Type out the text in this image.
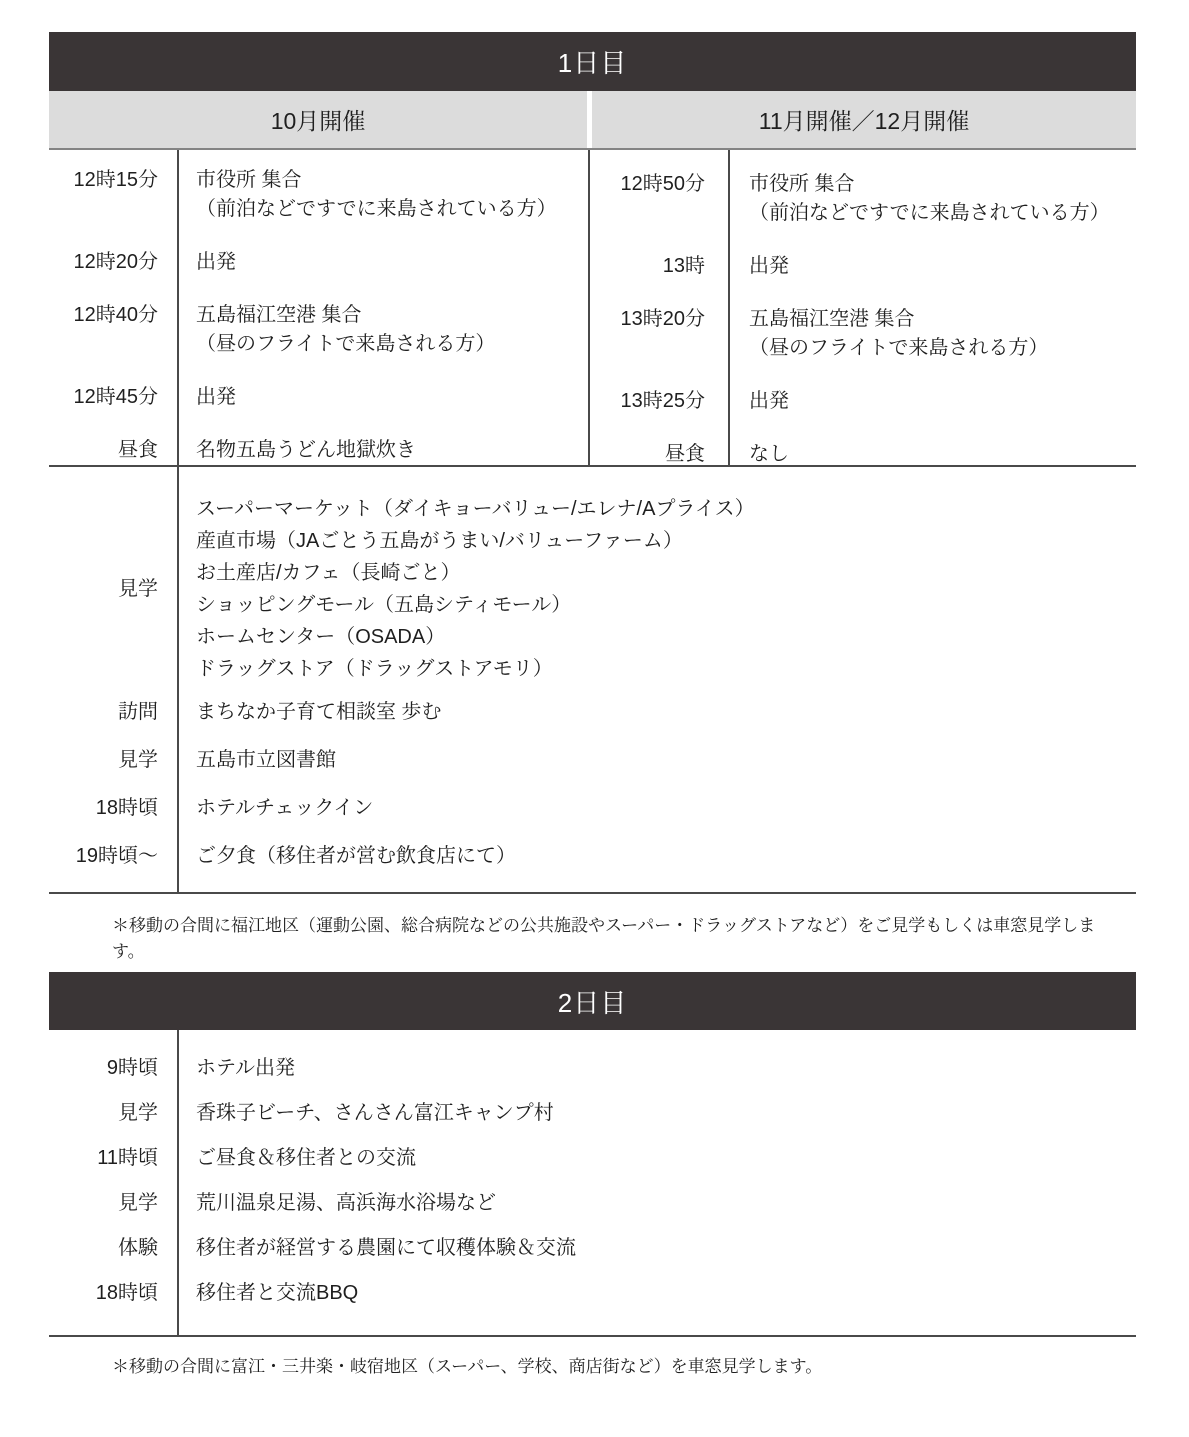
1日目
10月開催	11月開催／12月開催
12時15分	市役所 集合
（前泊などですでに来島されている方）
12時20分	出発
12時40分	五島福江空港 集合
（昼のフライトで来島される方）
12時45分	出発
昼食	名物五島うどん地獄炊き
12時50分	市役所 集合
（前泊などですでに来島されている方）
13時	出発
13時20分	五島福江空港 集合
（昼のフライトで来島される方）
13時25分	出発
昼食	なし
見学
スーパーマーケット（ダイキョーバリュー/エレナ/Aプライス）
産直市場（JAごとう五島がうまい/バリューファーム）
お土産店/カフェ（長崎ごと）
ショッピングモール（五島シティモール）
ホームセンター（OSADA）
ドラッグストア（ドラッグストアモリ）
訪問	まちなか子育て相談室 歩む
見学	五島市立図書館
18時頃	ホテルチェックイン
19時頃〜	ご夕食（移住者が営む飲食店にて）

＊移動の合間に福江地区（運動公園、総合病院などの公共施設やスーパー・ドラッグストアなど）をご見学もしくは車窓見学します。

2日目
9時頃	ホテル出発
見学	香珠子ビーチ、さんさん富江キャンプ村
11時頃	ご昼食＆移住者との交流
見学	荒川温泉足湯、高浜海水浴場など
体験	移住者が経営する農園にて収穫体験＆交流
18時頃	移住者と交流BBQ

＊移動の合間に富江・三井楽・岐宿地区（スーパー、学校、商店街など）を車窓見学します。
